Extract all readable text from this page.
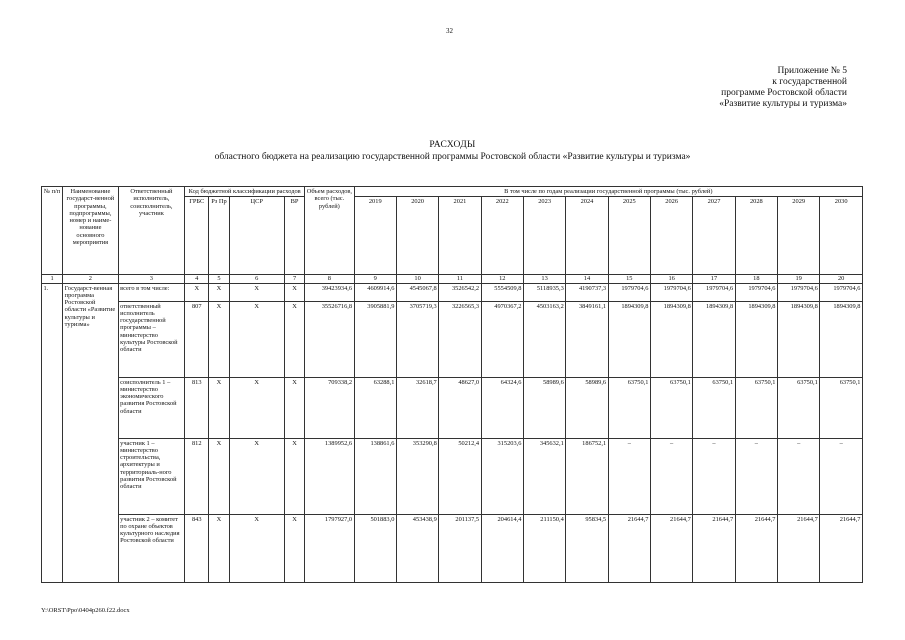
32
Приложение № 5
к государственной
программе Ростовской области
«Развитие культуры и туризма»
РАСХОДЫ
областного бюджета на реализацию государственной программы Ростовской области «Развитие культуры и туризма»
№ п/п	Наименование государст-венной программы, подпрограммы, номер и наиме-нование основного мероприятия	Ответственный исполнитель, соисполнитель, участник	Код бюджетной классификации расходов				Объем расходов, всего (тыс. рублей)	В том числе по годам реализации государственной программы (тыс. рублей)											
			ГРБС	Рз Пр	ЦСР	ВР		2019	2020	2021	2022	2023	2024	2025	2026	2027	2028	2029	2030
1	2	3	4	5	6	7	8	9	10	11	12	13	14	15	16	17	18	19	20
1.	Государст-венная программа Ростовской области «Развитие культуры и туризма»	всего в том числе:	Х	Х	Х	Х	39423934,6	4609914,6	4545067,8	3526542,2	5554509,8	5118935,3	4190737,3	1979704,6	1979704,6	1979704,6	1979704,6	1979704,6	1979704,6
		ответственный исполнитель государственной программы – министерство культуры Ростовской области	807	Х	Х	Х	35526716,8	3905881,9	3705719,3	3226565,3	4970367,2	4503163,2	3849161,1	1894309,8	1894309,8	1894309,8	1894309,8	1894309,8	1894309,8
		соисполнитель 1 – министерство экономического развития Ростовской области	813	Х	Х	Х	709338,2	63288,1	32618,7	48627,0	64324,6	58989,6	58989,6	63750,1	63750,1	63750,1	63750,1	63750,1	63750,1
		участник 1 – министерство строительства, архитектуры и территориаль-ного развития Ростовской области	812	Х	Х	Х	1389952,6	138861,6	353290,8	50212,4	315203,6	345632,1	186752,1	–	–	–	–	–	–
		участник 2 – комитет по охране объектов культурного наследия Ростовской области	843	Х	Х	Х	1797927,0	501883,0	453438,9	201137,5	204614,4	211150,4	95834,5	21644,7	21644,7	21644,7	21644,7	21644,7	21644,7
Y:\ORST\Ppo\0404p260.f22.docx
